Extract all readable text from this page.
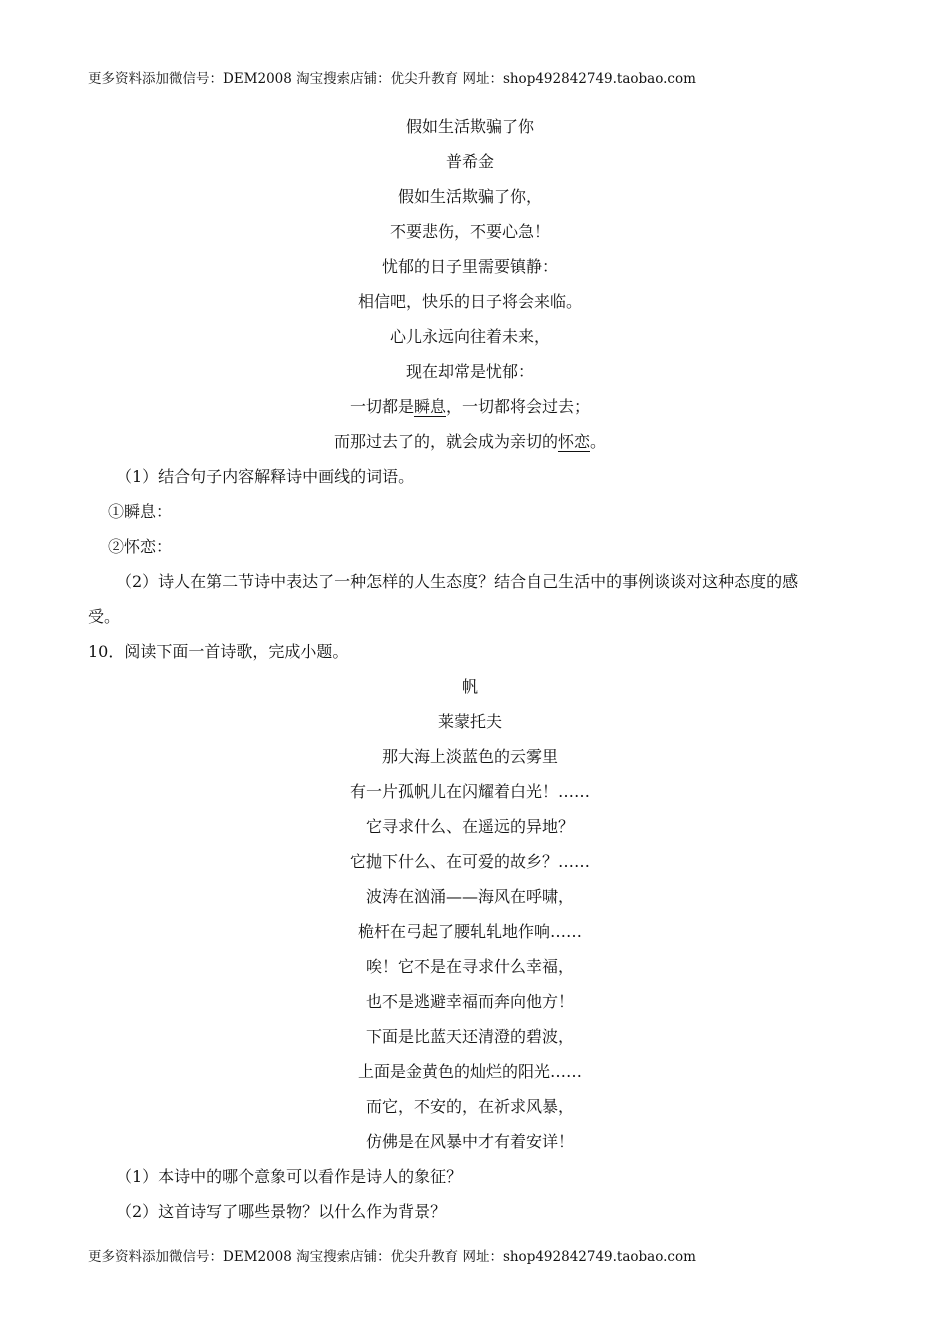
更多资料添加微信号：DEM2008 淘宝搜索店铺：优尖升教育 网址：shop492842749.taobao.com
假如生活欺骗了你
普希金
假如生活欺骗了你，
不要悲伤，不要心急！
忧郁的日子里需要镇静：
相信吧，快乐的日子将会来临。
心儿永远向往着未来，
现在却常是忧郁：
一切都是瞬息，一切都将会过去；
而那过去了的，就会成为亲切的怀恋。
（1）结合句子内容解释诗中画线的词语。
①瞬息：
②怀恋：
（2）诗人在第二节诗中表达了一种怎样的人生态度？结合自己生活中的事例谈谈对这种态度的感
受。
10．阅读下面一首诗歌，完成小题。
帆
莱蒙托夫
那大海上淡蓝色的云雾里
有一片孤帆儿在闪耀着白光！……
它寻求什么、在遥远的异地？
它抛下什么、在可爱的故乡？……
波涛在汹涌——海风在呼啸，
桅杆在弓起了腰轧轧地作响……
唉！它不是在寻求什么幸福，
也不是逃避幸福而奔向他方！
下面是比蓝天还清澄的碧波，
上面是金黄色的灿烂的阳光……
而它，不安的，在祈求风暴，
仿佛是在风暴中才有着安详！
（1）本诗中的哪个意象可以看作是诗人的象征？
（2）这首诗写了哪些景物？以什么作为背景？
更多资料添加微信号：DEM2008 淘宝搜索店铺：优尖升教育 网址：shop492842749.taobao.com
